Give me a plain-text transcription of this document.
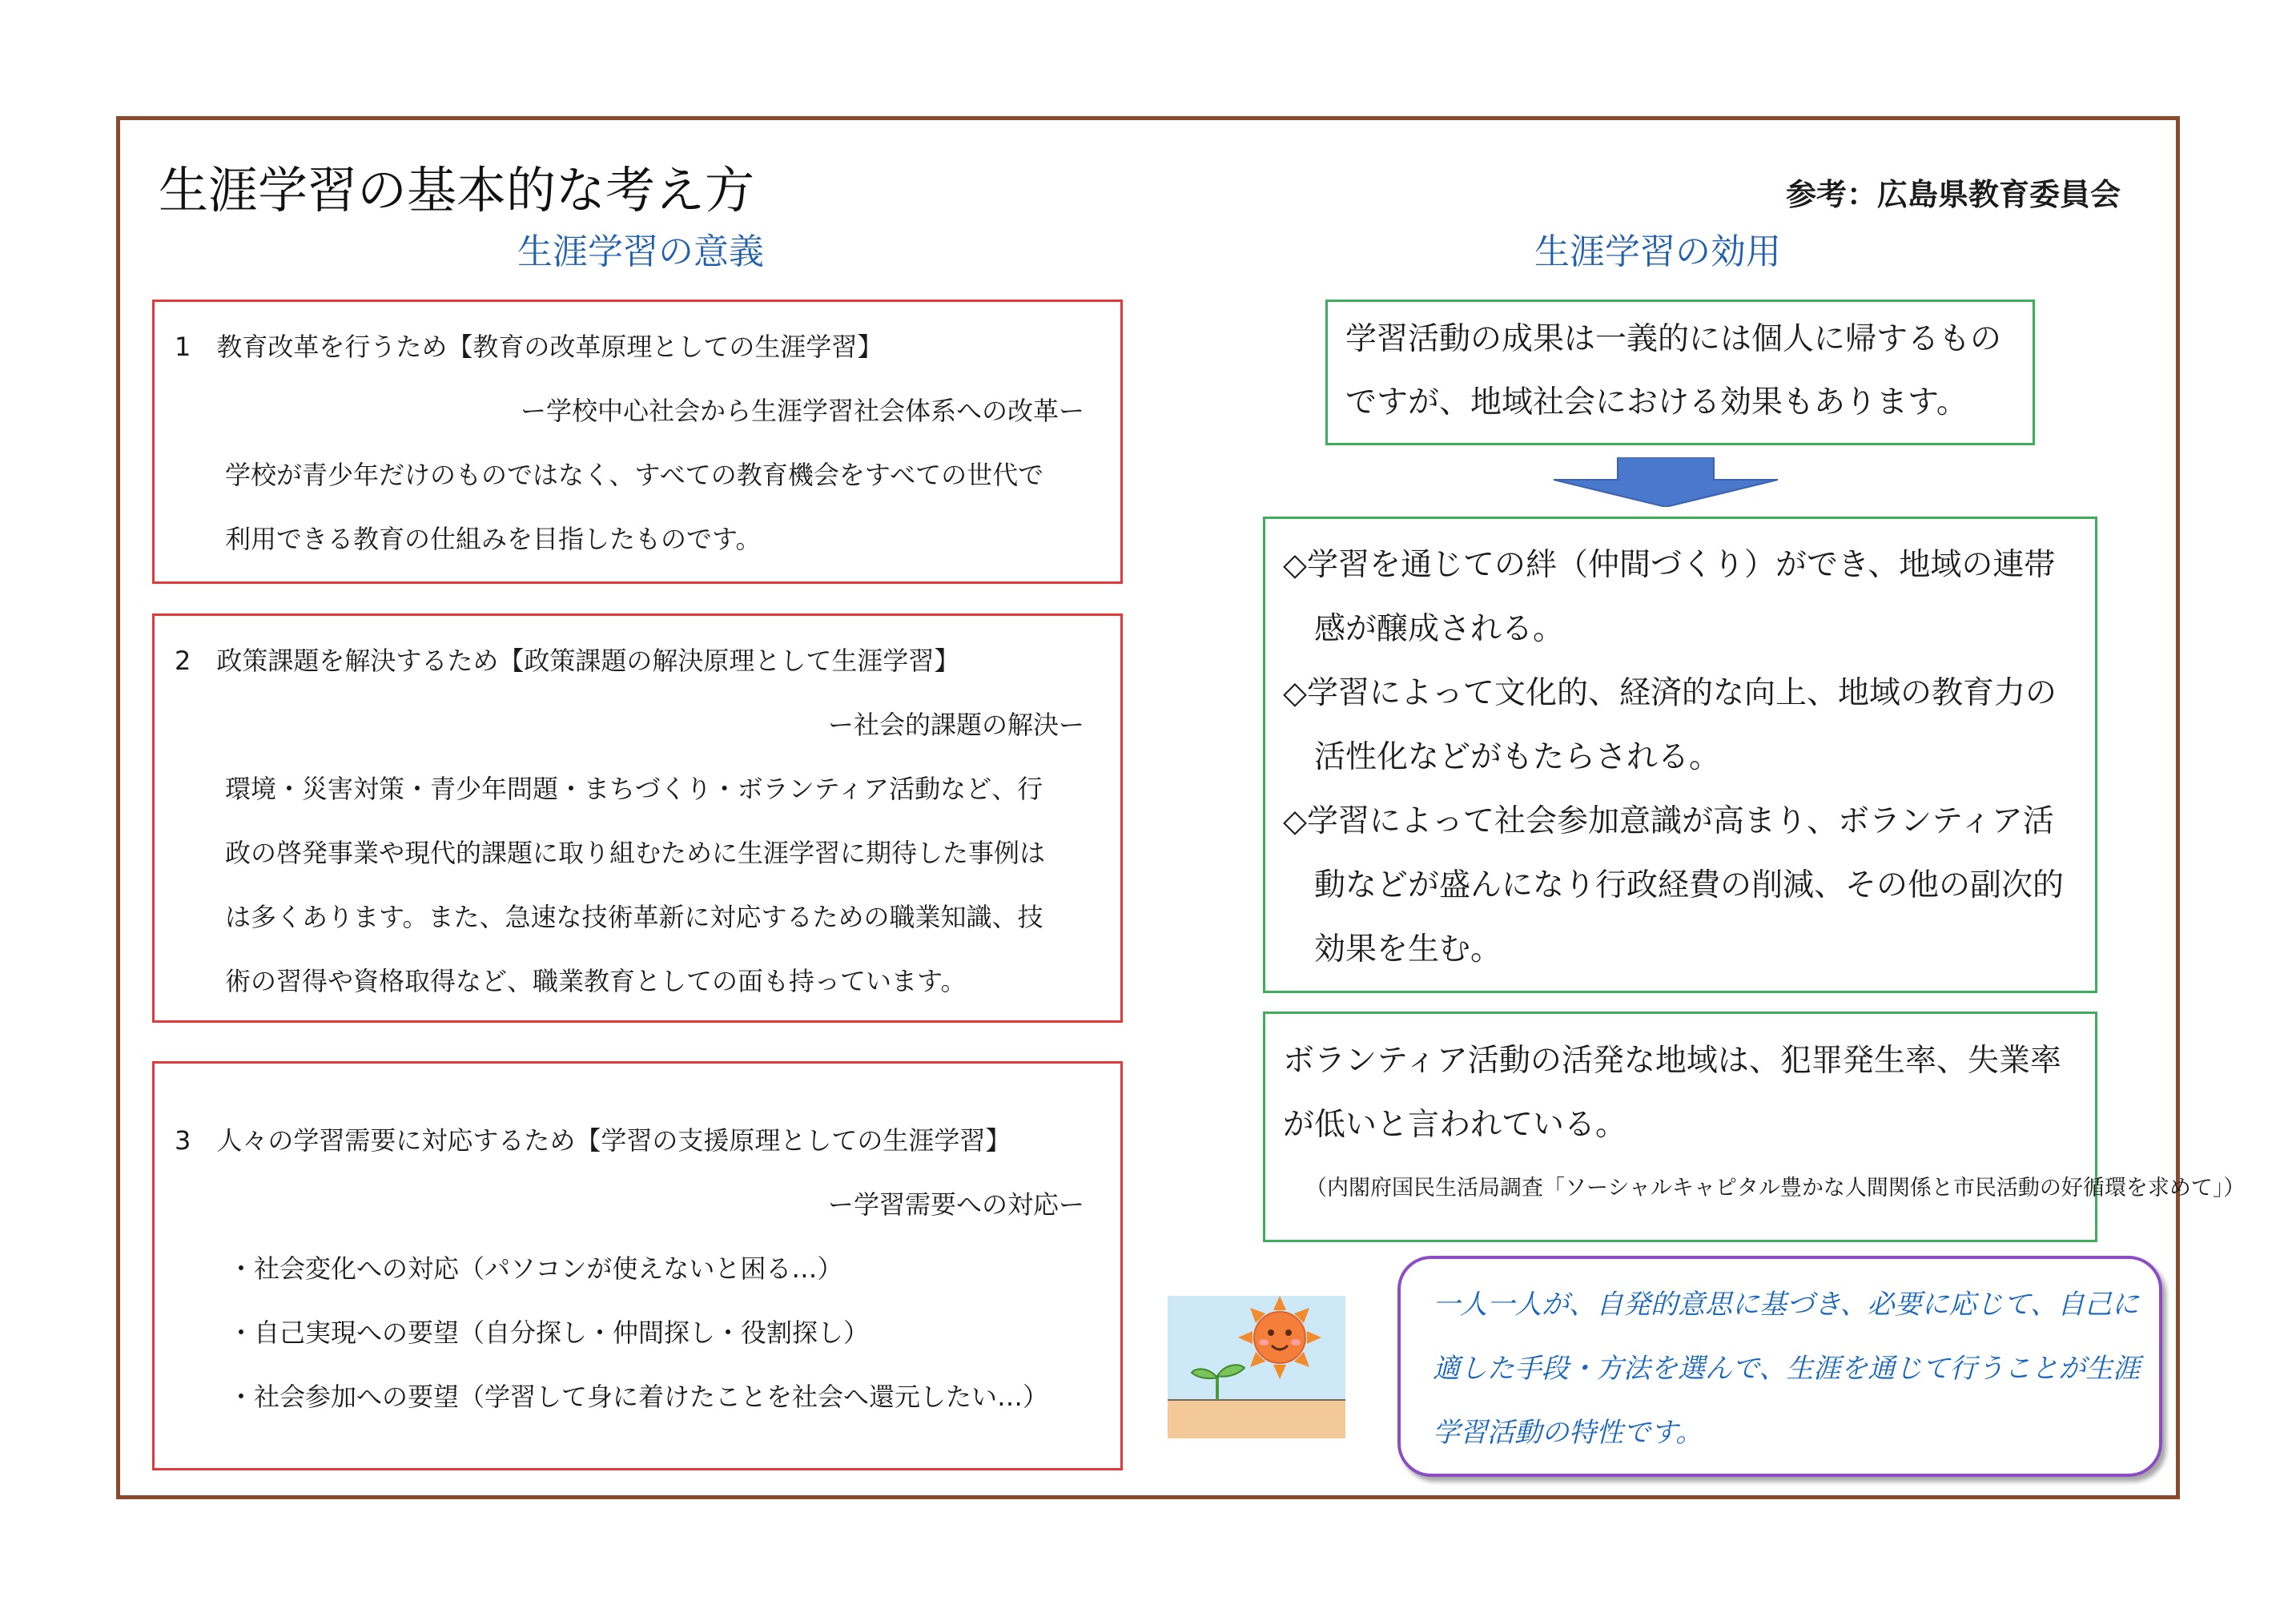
生涯学習の基本的な考え方	参考：広島県教育委員会
生涯学習の意義	生涯学習の効用
1　教育改革を行うため【教育の改革原理としての生涯学習】
ー学校中心社会から生涯学習社会体系への改革ー
学校が青少年だけのものではなく、すべての教育機会をすべての世代で
利用できる教育の仕組みを目指したものです。
2　政策課題を解決するため【政策課題の解決原理として生涯学習】
ー社会的課題の解決ー
環境・災害対策・青少年問題・まちづくり・ボランティア活動など、行
政の啓発事業や現代的課題に取り組むために生涯学習に期待した事例は
は多くあります。また、急速な技術革新に対応するための職業知識、技
術の習得や資格取得など、職業教育としての面も持っています。
3　人々の学習需要に対応するため【学習の支援原理としての生涯学習】
ー学習需要への対応ー
・社会変化への対応（パソコンが使えないと困る…）
・自己実現への要望（自分探し・仲間探し・役割探し）
・社会参加への要望（学習して身に着けたことを社会へ還元したい…）
学習活動の成果は一義的には個人に帰するもの
ですが、地域社会における効果もあります。
◇学習を通じての絆（仲間づくり）ができ、地域の連帯
　感が醸成される。
◇学習によって文化的、経済的な向上、地域の教育力の
　活性化などがもたらされる。
◇学習によって社会参加意識が高まり、ボランティア活
　動などが盛んになり行政経費の削減、その他の副次的
　効果を生む。
ボランティア活動の活発な地域は、犯罪発生率、失業率
が低いと言われている。
（内閣府国民生活局調査「ソーシャルキャピタル豊かな人間関係と市民活動の好循環を求めて」）
一人一人が、自発的意思に基づき、必要に応じて、自己に
適した手段・方法を選んで、生涯を通じて行うことが生涯
学習活動の特性です。
